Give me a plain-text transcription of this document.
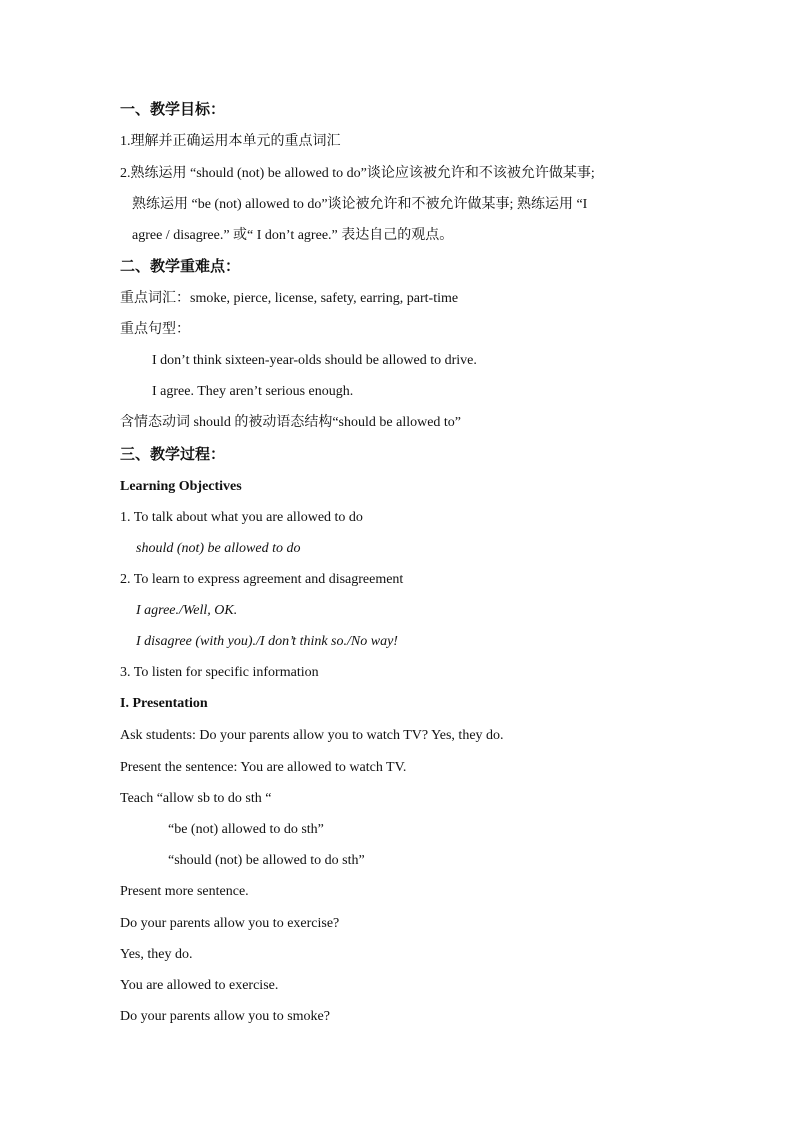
一、教学目标：
1.理解并正确运用本单元的重点词汇
2.熟练运用 “should (not) be allowed to do”谈论应该被允许和不该被允许做某事;
熟练运用 “be (not) allowed to do”谈论被允许和不被允许做某事; 熟练运用 “I
agree / disagree.” 或“ I don’t agree.” 表达自己的观点。
二、教学重难点：
重点词汇：smoke, pierce, license, safety, earring, part-time
重点句型：
I don’t think sixteen-year-olds should be allowed to drive.
I agree. They aren’t serious enough.
含情态动词 should 的被动语态结构“should be allowed to”
三、教学过程：
Learning Objectives
1. To talk about what you are allowed to do
should (not) be allowed to do
2. To learn to express agreement and disagreement
I agree./Well, OK.
I disagree (with you)./I don’t think so./No way!
3. To listen for specific information
I. Presentation
Ask students: Do your parents allow you to watch TV? Yes, they do.
Present the sentence: You are allowed to watch TV.
Teach “allow sb to do sth “
“be (not) allowed to do sth”
“should (not) be allowed to do sth”
Present more sentence.
Do your parents allow you to exercise?
Yes, they do.
You are allowed to exercise.
Do your parents allow you to smoke?
